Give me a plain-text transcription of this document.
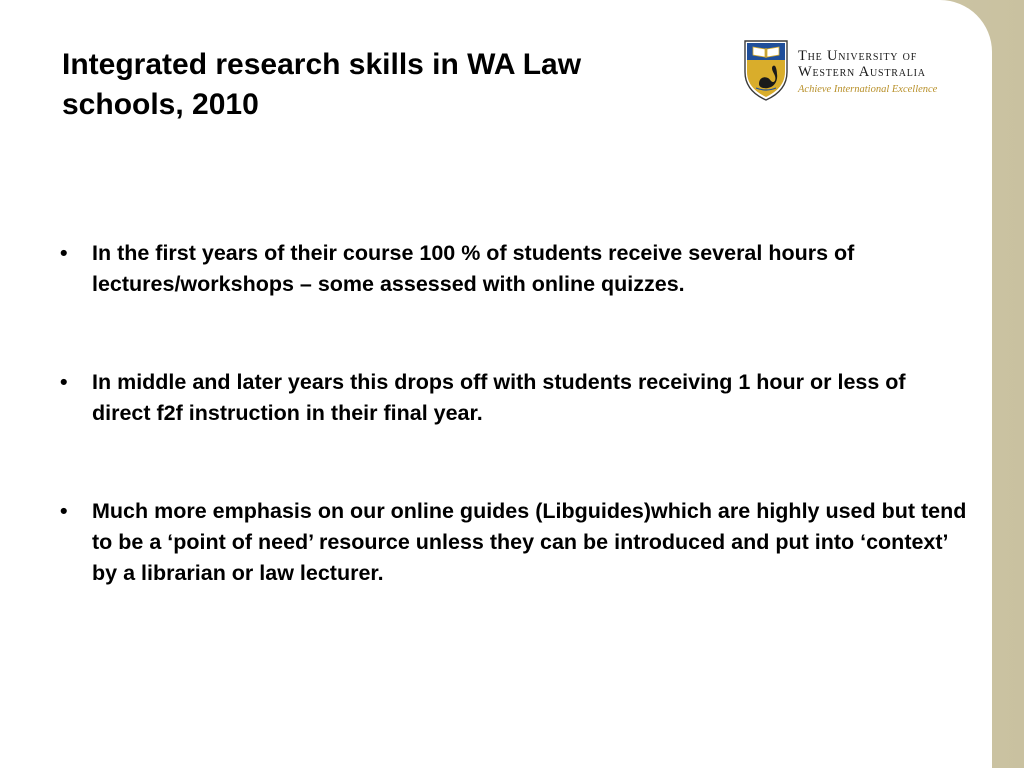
Integrated research skills in WA Law schools, 2010
The University of
Western Australia
Achieve International Excellence
• In the first years of their course 100 % of students receive several hours of lectures/workshops – some assessed with online quizzes.
• In middle and later years this drops off with students receiving 1 hour or less of direct f2f instruction in their final year.
• Much more emphasis on our online guides (Libguides)which are highly used but tend to be a ‘point of need’ resource unless they can be introduced and put into ‘context’ by a librarian or law lecturer.
